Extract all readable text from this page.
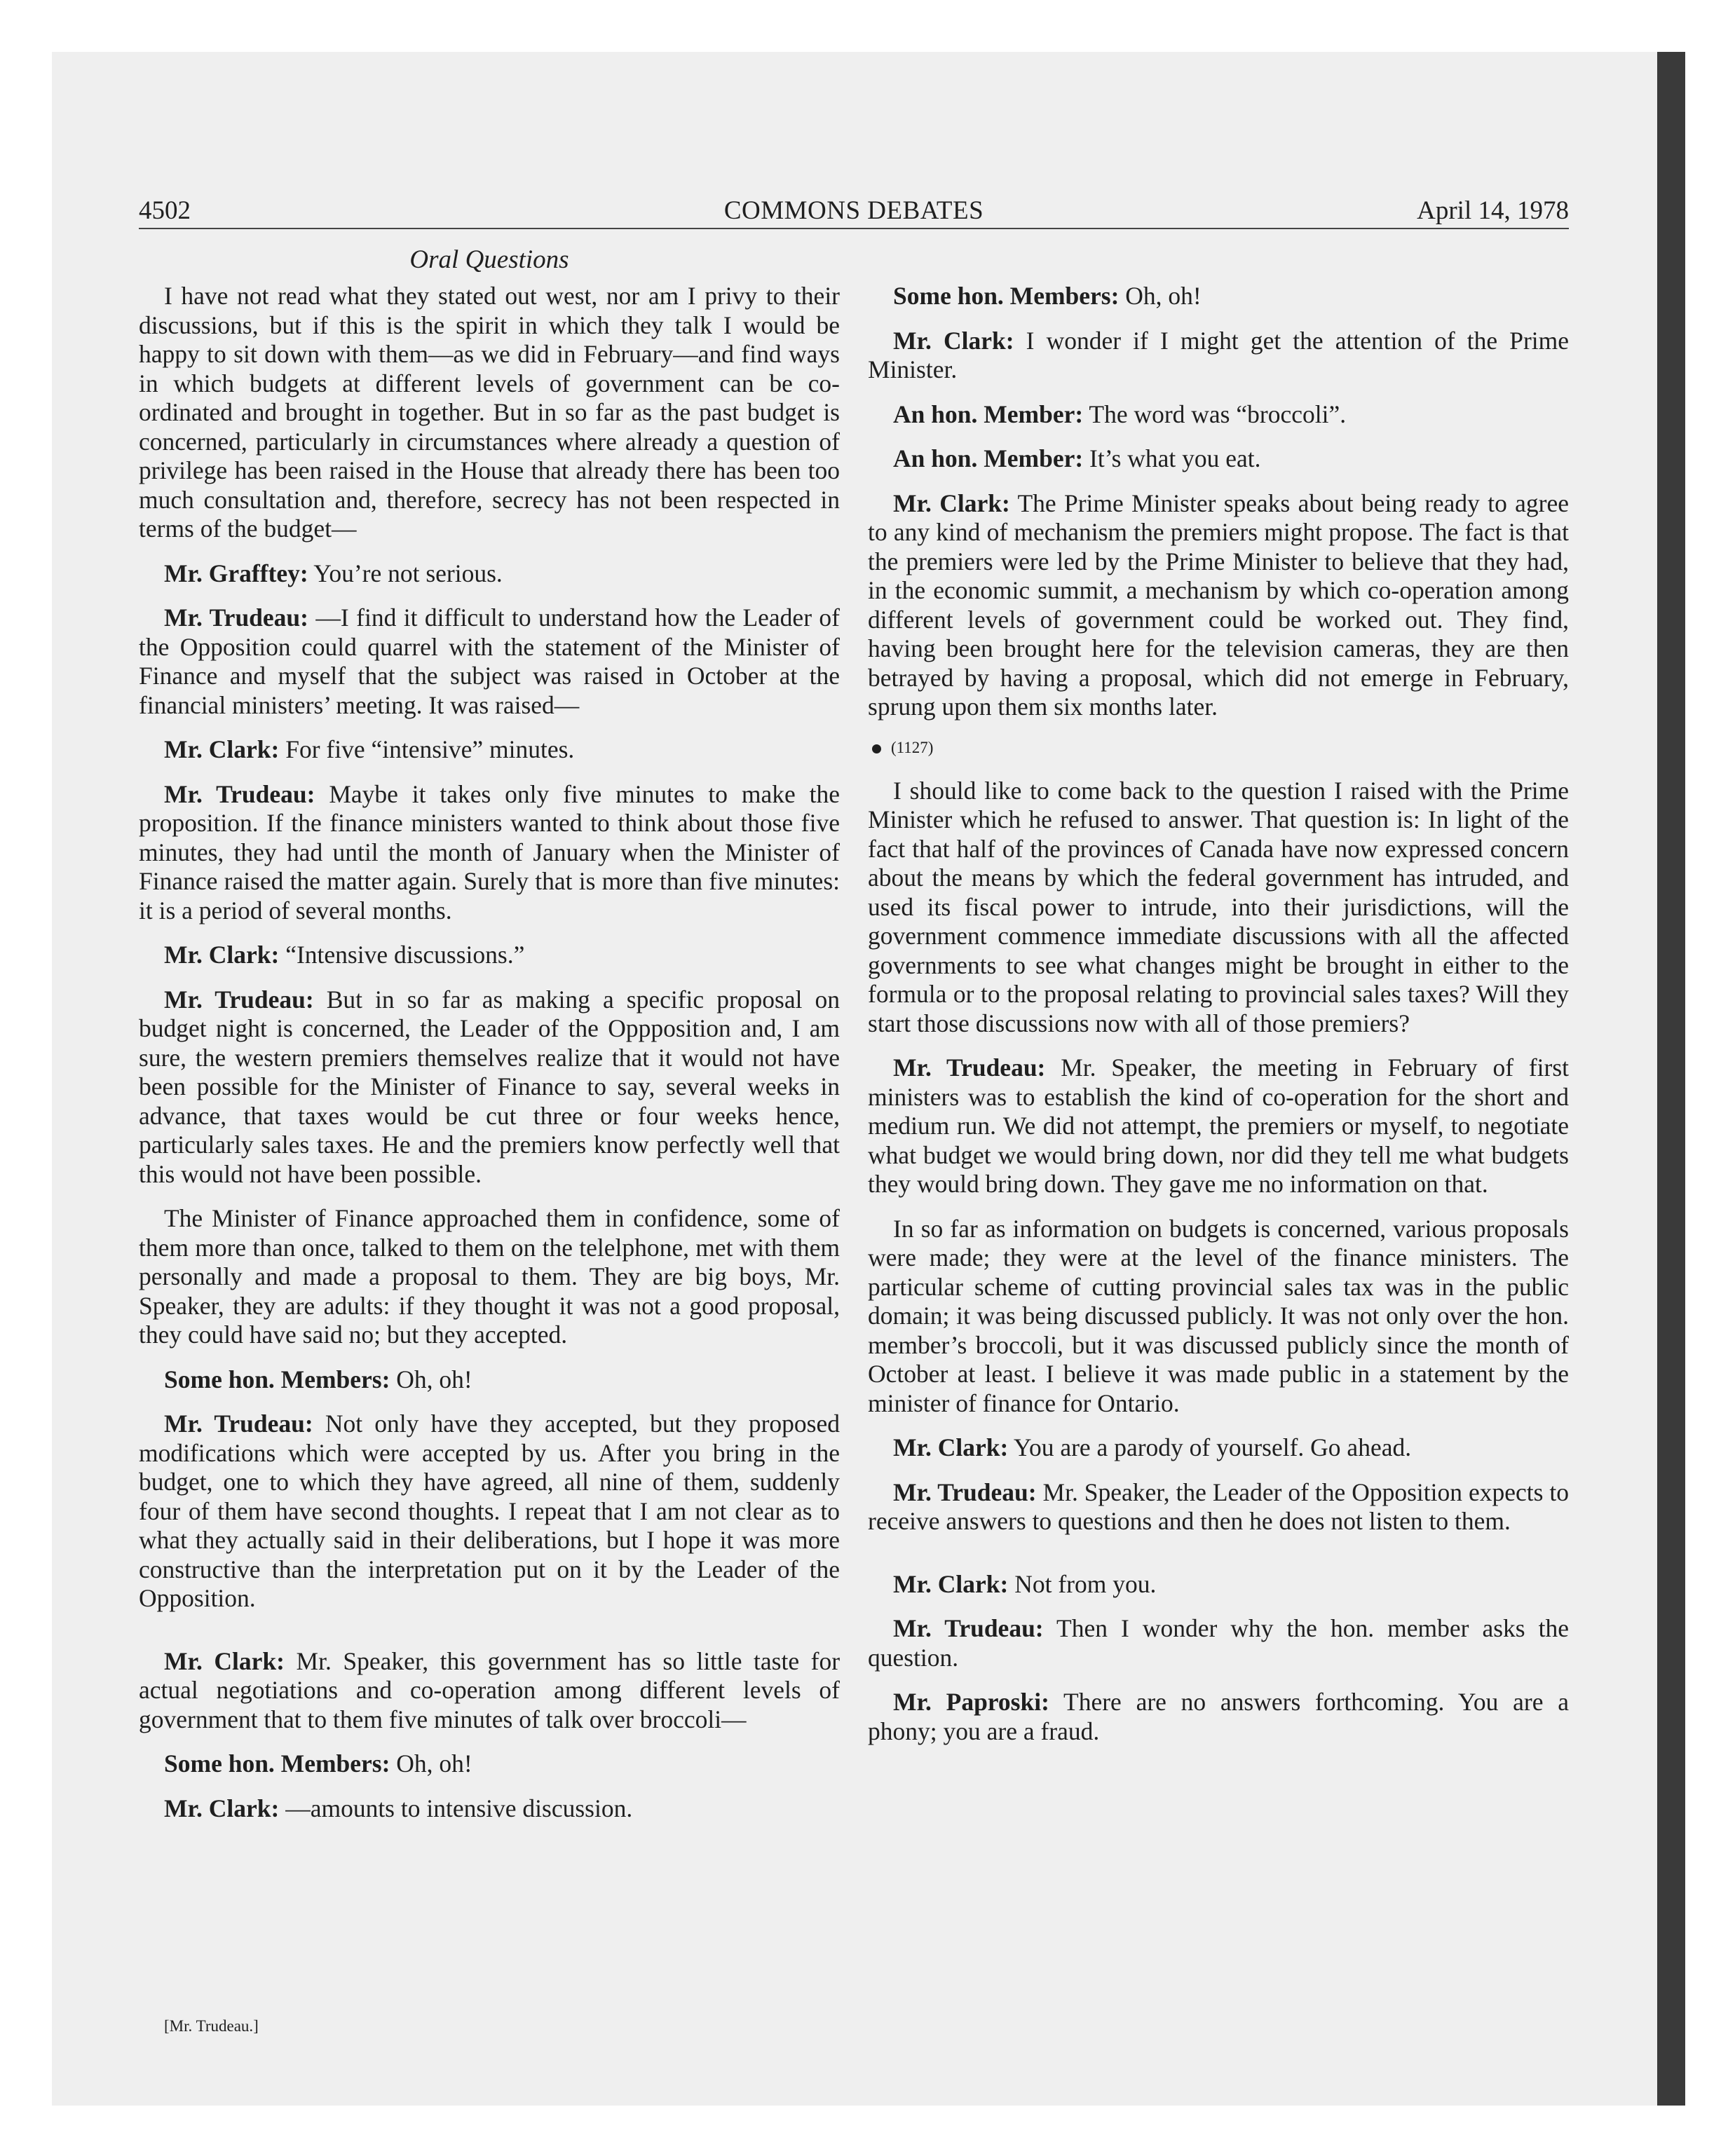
4502	COMMONS DEBATES	April 14, 1978
Oral Questions

I have not read what they stated out west, nor am I privy to their discussions, but if this is the spirit in which they talk I would be happy to sit down with them—as we did in February—and find ways in which budgets at different levels of government can be co-ordinated and brought in together. But in so far as the past budget is concerned, particularly in circumstances where already a question of privilege has been raised in the House that already there has been too much consultation and, therefore, secrecy has not been respected in terms of the budget—

Mr. Grafftey: You’re not serious.

Mr. Trudeau: —I find it difficult to understand how the Leader of the Opposition could quarrel with the statement of the Minister of Finance and myself that the subject was raised in October at the financial ministers’ meeting. It was raised—

Mr. Clark: For five “intensive” minutes.

Mr. Trudeau: Maybe it takes only five minutes to make the proposition. If the finance ministers wanted to think about those five minutes, they had until the month of January when the Minister of Finance raised the matter again. Surely that is more than five minutes: it is a period of several months.

Mr. Clark: “Intensive discussions.”

Mr. Trudeau: But in so far as making a specific proposal on budget night is concerned, the Leader of the Oppposition and, I am sure, the western premiers themselves realize that it would not have been possible for the Minister of Finance to say, several weeks in advance, that taxes would be cut three or four weeks hence, particularly sales taxes. He and the premiers know perfectly well that this would not have been possible.

The Minister of Finance approached them in confidence, some of them more than once, talked to them on the telelphone, met with them personally and made a proposal to them. They are big boys, Mr. Speaker, they are adults: if they thought it was not a good proposal, they could have said no; but they accepted.

Some hon. Members: Oh, oh!

Mr. Trudeau: Not only have they accepted, but they proposed modifications which were accepted by us. After you bring in the budget, one to which they have agreed, all nine of them, suddenly four of them have second thoughts. I repeat that I am not clear as to what they actually said in their deliberations, but I hope it was more constructive than the interpretation put on it by the Leader of the Opposition.

Mr. Clark: Mr. Speaker, this government has so little taste for actual negotiations and co-operation among different levels of government that to them five minutes of talk over broccoli—

Some hon. Members: Oh, oh!

Mr. Clark: —amounts to intensive discussion.

[Mr. Trudeau.]

Some hon. Members: Oh, oh!

Mr. Clark: I wonder if I might get the attention of the Prime Minister.

An hon. Member: The word was “broccoli”.

An hon. Member: It’s what you eat.

Mr. Clark: The Prime Minister speaks about being ready to agree to any kind of mechanism the premiers might propose. The fact is that the premiers were led by the Prime Minister to believe that they had, in the economic summit, a mechanism by which co-operation among different levels of government could be worked out. They find, having been brought here for the television cameras, they are then betrayed by having a proposal, which did not emerge in February, sprung upon them six months later.

(1127)

I should like to come back to the question I raised with the Prime Minister which he refused to answer. That question is: In light of the fact that half of the provinces of Canada have now expressed concern about the means by which the federal government has intruded, and used its fiscal power to intrude, into their jurisdictions, will the government commence immediate discussions with all the affected governments to see what changes might be brought in either to the formula or to the proposal relating to provincial sales taxes? Will they start those discussions now with all of those premiers?

Mr. Trudeau: Mr. Speaker, the meeting in February of first ministers was to establish the kind of co-operation for the short and medium run. We did not attempt, the premiers or myself, to negotiate what budget we would bring down, nor did they tell me what budgets they would bring down. They gave me no information on that.

In so far as information on budgets is concerned, various proposals were made; they were at the level of the finance ministers. The particular scheme of cutting provincial sales tax was in the public domain; it was being discussed publicly. It was not only over the hon. member’s broccoli, but it was discussed publicly since the month of October at least. I believe it was made public in a statement by the minister of finance for Ontario.

Mr. Clark: You are a parody of yourself. Go ahead.

Mr. Trudeau: Mr. Speaker, the Leader of the Opposition expects to receive answers to questions and then he does not listen to them.

Mr. Clark: Not from you.

Mr. Trudeau: Then I wonder why the hon. member asks the question.

Mr. Paproski: There are no answers forthcoming. You are a phony; you are a fraud.
